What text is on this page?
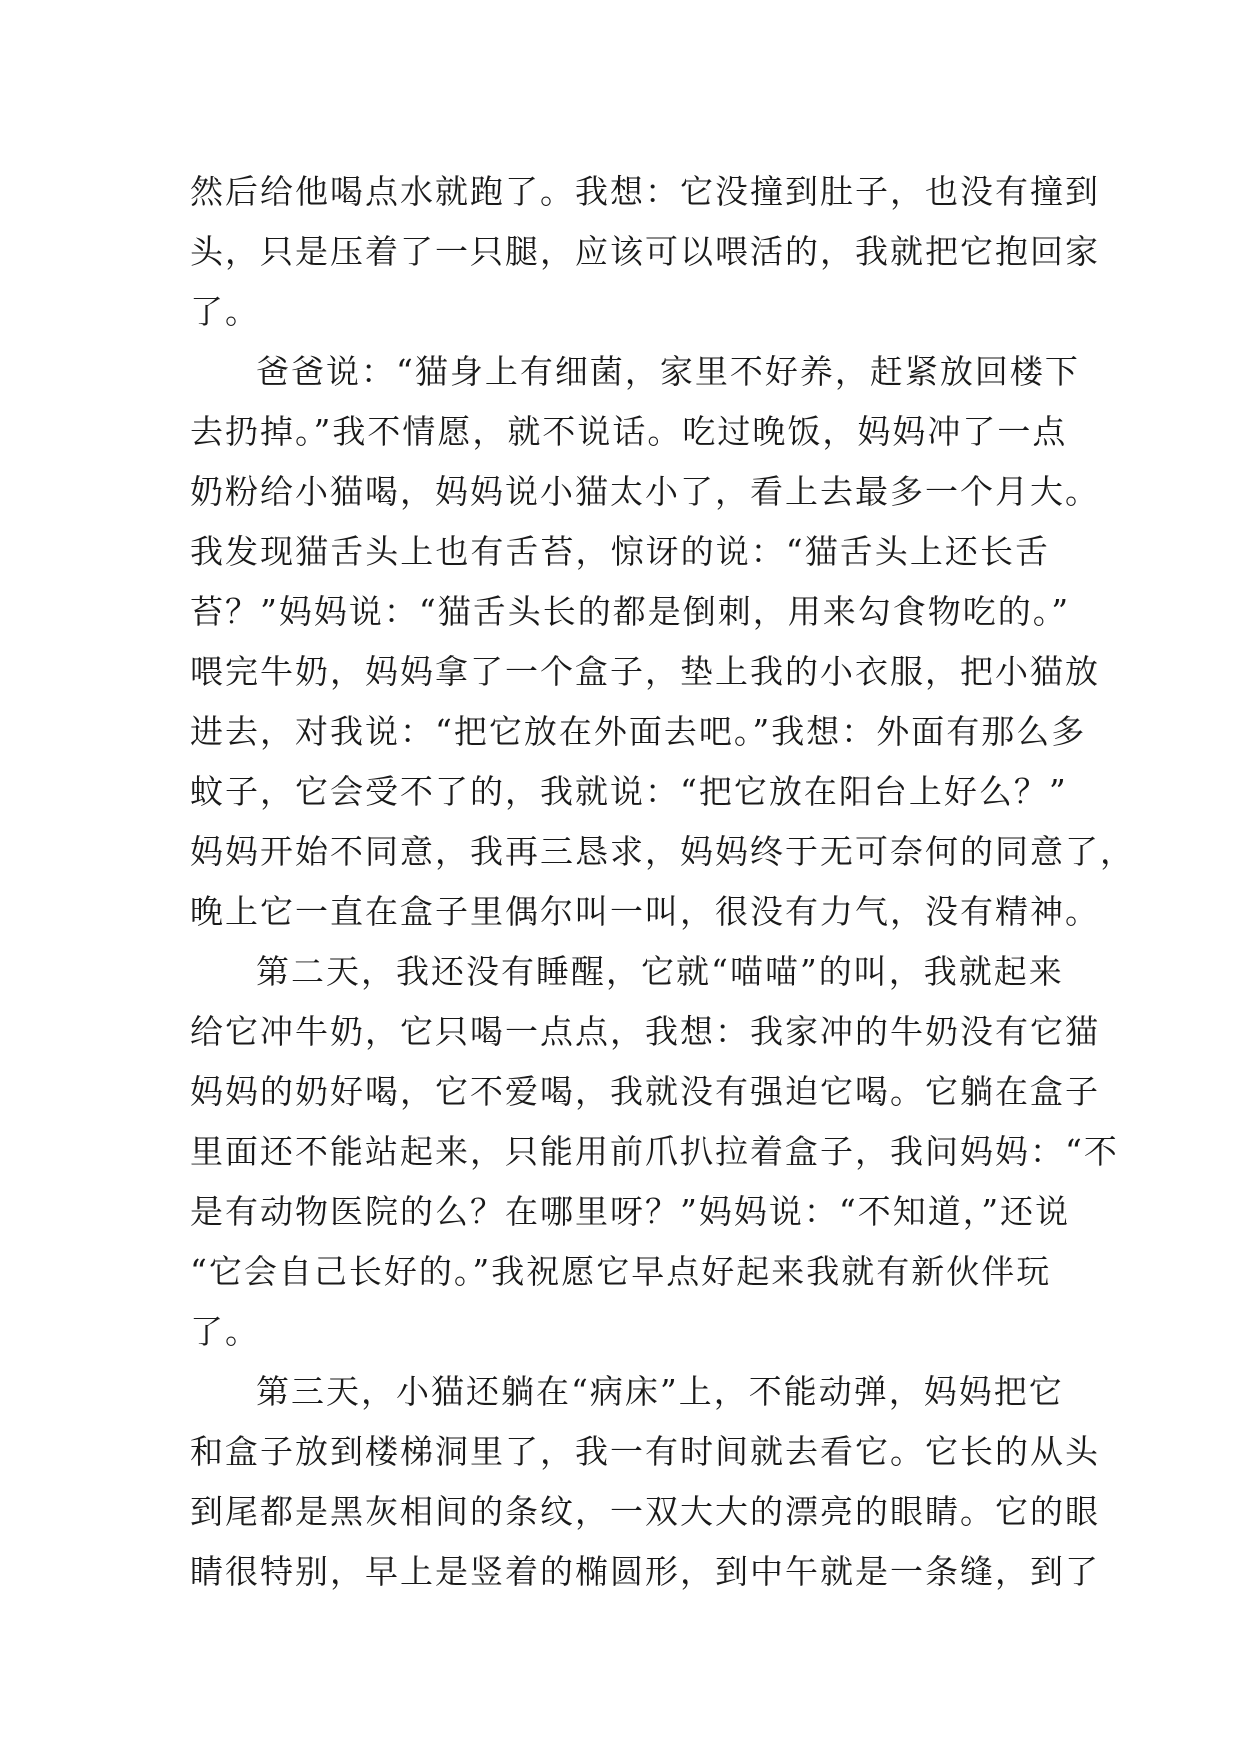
然后给他喝点水就跑了。我想：它没撞到肚子，也没有撞到
头，只是压着了一只腿，应该可以喂活的，我就把它抱回家
了。
爸爸说：“猫身上有细菌，家里不好养，赶紧放回楼下
去扔掉。”我不情愿，就不说话。吃过晚饭，妈妈冲了一点
奶粉给小猫喝，妈妈说小猫太小了，看上去最多一个月大。
我发现猫舌头上也有舌苔，惊讶的说：“猫舌头上还长舌
苔？”妈妈说：“猫舌头长的都是倒刺，用来勾食物吃的。”
喂完牛奶，妈妈拿了一个盒子，垫上我的小衣服，把小猫放
进去，对我说：“把它放在外面去吧。”我想：外面有那么多
蚊子，它会受不了的，我就说：“把它放在阳台上好么？”
妈妈开始不同意，我再三恳求，妈妈终于无可奈何的同意了，
晚上它一直在盒子里偶尔叫一叫，很没有力气，没有精神。
第二天，我还没有睡醒，它就“喵喵”的叫，我就起来
给它冲牛奶，它只喝一点点，我想：我家冲的牛奶没有它猫
妈妈的奶好喝，它不爱喝，我就没有强迫它喝。它躺在盒子
里面还不能站起来，只能用前爪扒拉着盒子，我问妈妈：“不
是有动物医院的么？在哪里呀？”妈妈说：“不知道，”还说
“它会自己长好的。”我祝愿它早点好起来我就有新伙伴玩
了。
第三天，小猫还躺在“病床”上，不能动弹，妈妈把它
和盒子放到楼梯洞里了，我一有时间就去看它。它长的从头
到尾都是黑灰相间的条纹，一双大大的漂亮的眼睛。它的眼
睛很特别，早上是竖着的椭圆形，到中午就是一条缝，到了
